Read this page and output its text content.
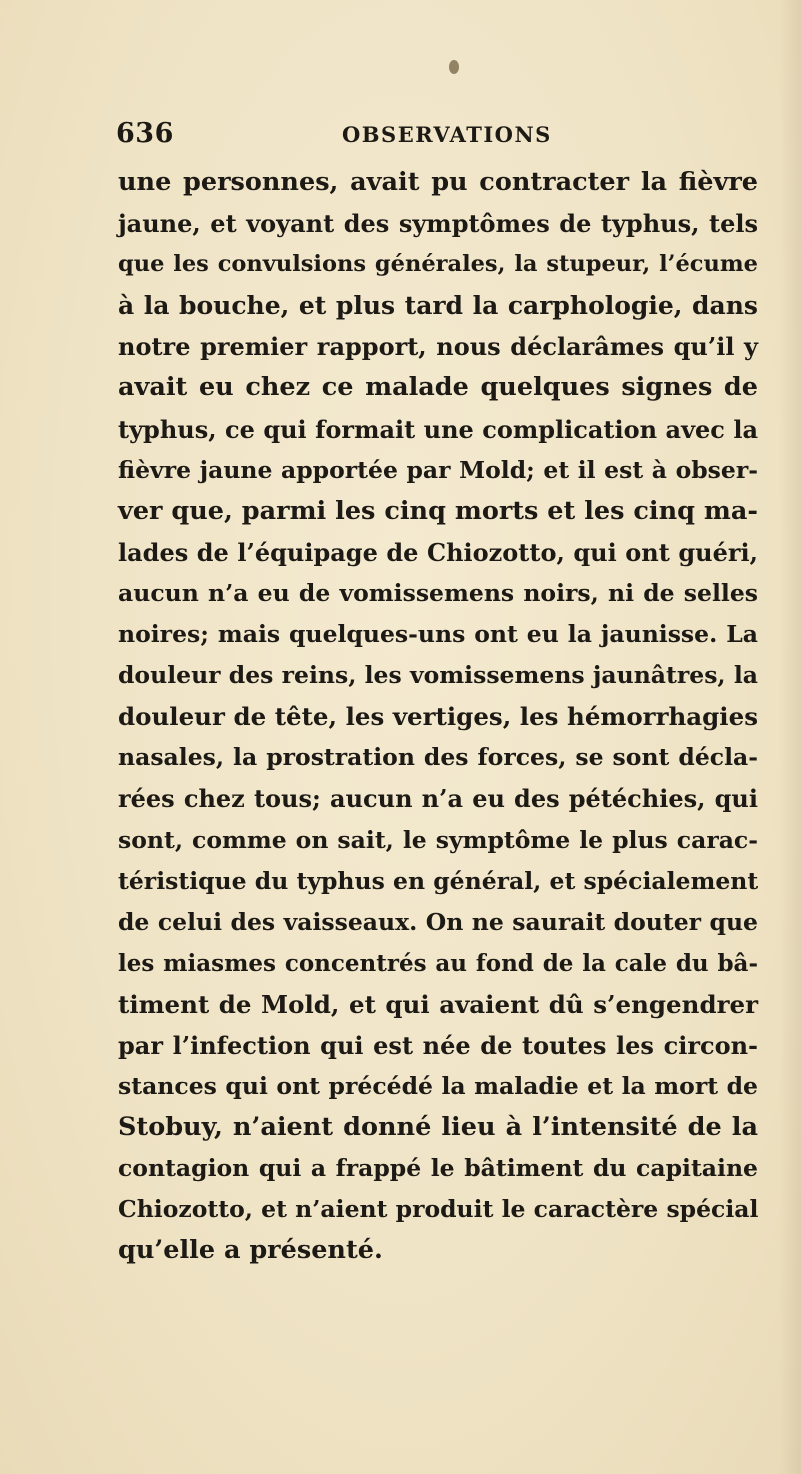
636	OBSERVATIONS
une personnes, avait pu contracter la fièvre
jaune, et voyant des symptômes de typhus, tels
que les convulsions générales, la stupeur, l’écume
à la bouche, et plus tard la carphologie, dans
notre premier rapport, nous déclarâmes qu’il y
avait eu chez ce malade quelques signes de
typhus, ce qui formait une complication avec la
fièvre jaune apportée par Mold; et il est à obser-
ver que, parmi les cinq morts et les cinq ma-
lades de l’équipage de Chiozotto, qui ont guéri,
aucun n’a eu de vomissemens noirs, ni de selles
noires; mais quelques-uns ont eu la jaunisse. La
douleur des reins, les vomissemens jaunâtres, la
douleur de tête, les vertiges, les hémorrhagies
nasales, la prostration des forces, se sont décla-
rées chez tous; aucun n’a eu des pétéchies, qui
sont, comme on sait, le symptôme le plus carac-
téristique du typhus en général, et spécialement
de celui des vaisseaux. On ne saurait douter que
les miasmes concentrés au fond de la cale du bâ-
timent de Mold, et qui avaient dû s’engendrer
par l’infection qui est née de toutes les circon-
stances qui ont précédé la maladie et la mort de
Stobuy, n’aient donné lieu à l’intensité de la
contagion qui a frappé le bâtiment du capitaine
Chiozotto, et n’aient produit le caractère spécial
qu’elle a présenté.
